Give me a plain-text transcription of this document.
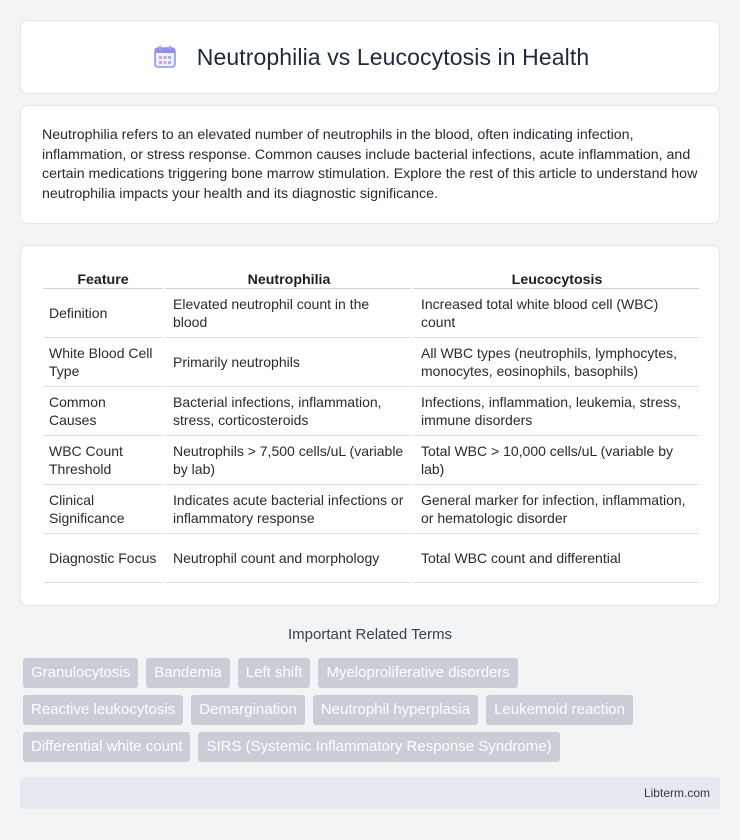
Neutrophilia vs Leucocytosis in Health

Neutrophilia refers to an elevated number of neutrophils in the blood, often indicating infection, inflammation, or stress response. Common causes include bacterial infections, acute inflammation, and certain medications triggering bone marrow stimulation. Explore the rest of this article to understand how neutrophilia impacts your health and its diagnostic significance.

Feature	Neutrophilia	Leucocytosis
Definition	Elevated neutrophil count in the blood	Increased total white blood cell (WBC) count
White Blood Cell Type	Primarily neutrophils	All WBC types (neutrophils, lymphocytes, monocytes, eosinophils, basophils)
Common Causes	Bacterial infections, inflammation, stress, corticosteroids	Infections, inflammation, leukemia, stress, immune disorders
WBC Count Threshold	Neutrophils > 7,500 cells/uL (variable by lab)	Total WBC > 10,000 cells/uL (variable by lab)
Clinical Significance	Indicates acute bacterial infections or inflammatory response	General marker for infection, inflammation, or hematologic disorder
Diagnostic Focus	Neutrophil count and morphology	Total WBC count and differential
Important Related Terms
Granulocytosis	Bandemia	Left shift	Myeloproliferative disorders
Reactive leukocytosis	Demargination	Neutrophil hyperplasia	Leukemoid reaction
Differential white count	SIRS (Systemic Inflammatory Response Syndrome)
Libterm.com
